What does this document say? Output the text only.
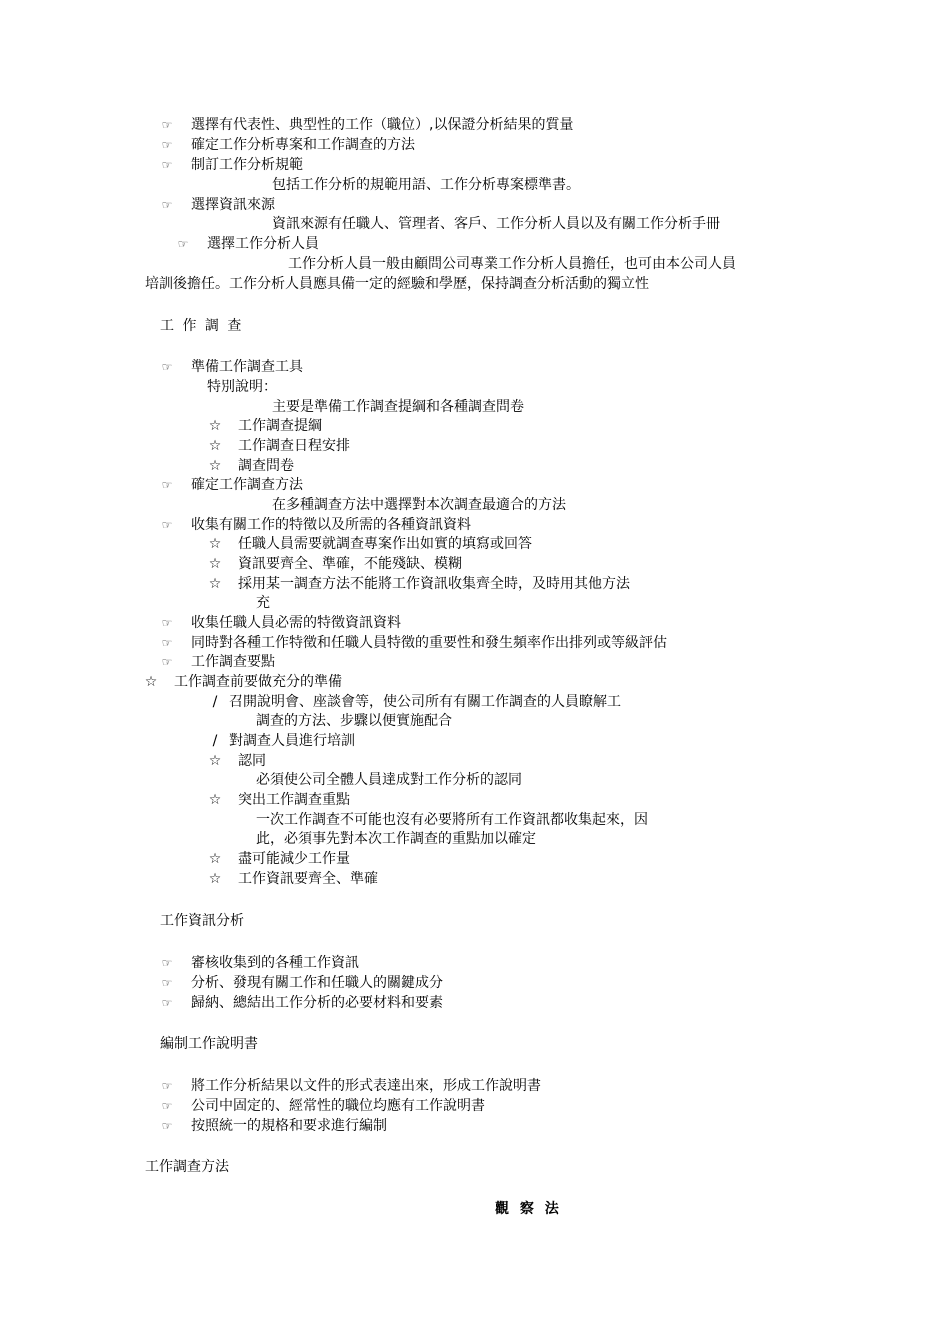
☞	選擇有代表性、典型性的工作（職位）,以保證分析結果的質量
☞	確定工作分析專案和工作調查的方法
☞	制訂工作分析規範
包括工作分析的規範用語、工作分析專案標準書。
☞	選擇資訊來源
資訊來源有任職人、管理者、客戶、工作分析人員以及有關工作分析手冊
☞	選擇工作分析人員
工作分析人員一般由顧問公司專業工作分析人員擔任，也可由本公司人員
培訓後擔任。工作分析人員應具備一定的經驗和學歷，保持調查分析活動的獨立性
工 作 調 查
☞	準備工作調查工具
特別說明：
主要是準備工作調查提綱和各種調查問卷
☆ 工作調查提綱
☆ 工作調查日程安排
☆ 調查問卷
☞	確定工作調查方法
在多種調查方法中選擇對本次調查最適合的方法
☞	收集有關工作的特徵以及所需的各種資訊資料
☆ 任職人員需要就調查專案作出如實的填寫或回答
☆ 資訊要齊全、準確，不能殘缺、模糊
☆ 採用某一調查方法不能將工作資訊收集齊全時，及時用其他方法
充
☞	收集任職人員必需的特徵資訊資料
☞	同時對各種工作特徵和任職人員特徵的重要性和發生頻率作出排列或等級評估
☞	工作調查要點
☆ 工作調查前要做充分的準備
/ 召開說明會、座談會等，使公司所有有關工作調查的人員瞭解工
調查的方法、步驟以便實施配合
/ 對調查人員進行培訓
☆ 認同
必須使公司全體人員達成對工作分析的認同
☆ 突出工作調查重點
一次工作調查不可能也沒有必要將所有工作資訊都收集起來，因
此，必須事先對本次工作調查的重點加以確定
☆ 盡可能減少工作量
☆ 工作資訊要齊全、準確
工作資訊分析
☞	審核收集到的各種工作資訊
☞	分析、發現有關工作和任職人的關鍵成分
☞	歸納、總結出工作分析的必要材料和要素
編制工作說明書
☞	將工作分析結果以文件的形式表達出來，形成工作說明書
☞	公司中固定的、經常性的職位均應有工作說明書
☞	按照統一的規格和要求進行編制
工作調查方法
觀 察 法
